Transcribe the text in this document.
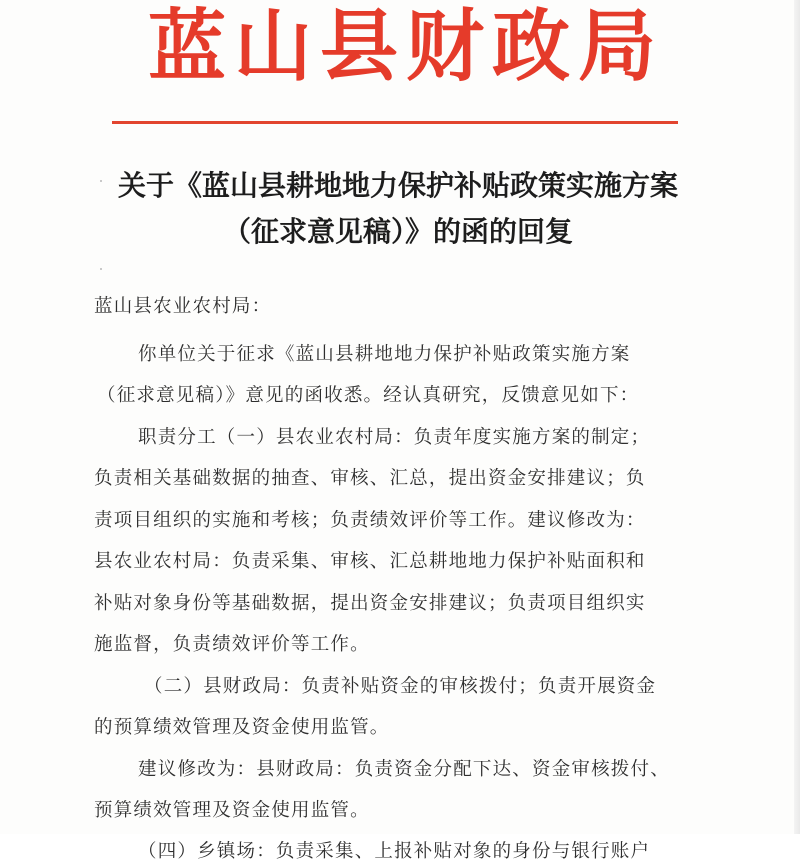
蓝山县财政局
关于《蓝山县耕地地力保护补贴政策实施方案
（征求意见稿）》的函的回复
蓝山县农业农村局：
你单位关于征求《蓝山县耕地地力保护补贴政策实施方案
（征求意见稿）》意见的函收悉。经认真研究，反馈意见如下：
职责分工（一）县农业农村局：负责年度实施方案的制定；
负责相关基础数据的抽查、审核、汇总，提出资金安排建议；负
责项目组织的实施和考核；负责绩效评价等工作。建议修改为：
县农业农村局：负责采集、审核、汇总耕地地力保护补贴面积和
补贴对象身份等基础数据，提出资金安排建议；负责项目组织实
施监督，负责绩效评价等工作。
（二）县财政局：负责补贴资金的审核拨付；负责开展资金
的预算绩效管理及资金使用监管。
建议修改为：县财政局：负责资金分配下达、资金审核拨付、
预算绩效管理及资金使用监管。
（四）乡镇场：负责采集、上报补贴对象的身份与银行账户
